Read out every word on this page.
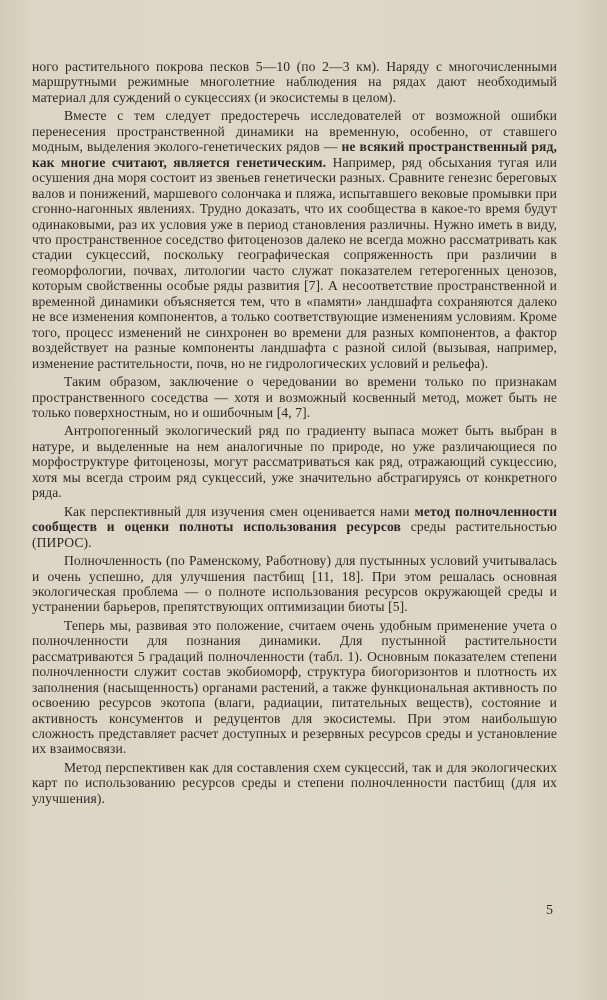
ного растительного покрова песков 5—10 (по 2—3 км). Наряду с многочисленными маршрутными режимные многолетние наблюдения на рядах дают необходимый материал для суждений о сукцессиях (и экосистемы в целом).

Вместе с тем следует предостеречь исследователей от возможной ошибки перенесения пространственной динамики на временную, особенно, от ставшего модным, выделения эколого-генетических рядов — не всякий пространственный ряд, как многие считают, является генетическим. Например, ряд обсыхания тугая или осушения дна моря состоит из звеньев генетически разных. Сравните генезис береговых валов и понижений, маршевого солончака и пляжа, испытавшего вековые промывки при сгонно-нагонных явлениях. Трудно доказать, что их сообщества в какое-то время будут одинаковыми, раз их условия уже в период становления различны. Нужно иметь в виду, что пространственное соседство фитоценозов далеко не всегда можно рассматривать как стадии сукцессий, поскольку географическая сопряженность при различии в геоморфологии, почвах, литологии часто служат показателем гетерогенных ценозов, которым свойственны особые ряды развития [7]. А несоответствие пространственной и временной динамики объясняется тем, что в «памяти» ландшафта сохраняются далеко не все изменения компонентов, а только соответствующие изменениям условиям. Кроме того, процесс изменений не синхронен во времени для разных компонентов, а фактор воздействует на разные компоненты ландшафта с разной силой (вызывая, например, изменение растительности, почв, но не гидрологических условий и рельефа).

Таким образом, заключение о чередовании во времени только по признакам пространственного соседства — хотя и возможный косвенный метод, может быть не только поверхностным, но и ошибочным [4, 7].

Антропогенный экологический ряд по градиенту выпаса может быть выбран в натуре, и выделенные на нем аналогичные по природе, но уже различающиеся по морфоструктуре фитоценозы, могут рассматриваться как ряд, отражающий сукцессию, хотя мы всегда строим ряд сукцессий, уже значительно абстрагируясь от конкретного ряда.

Как перспективный для изучения смен оценивается нами метод полночленности сообществ и оценки полноты использования ресурсов среды растительностью (ПИРОС).

Полночленность (по Раменскому, Работнову) для пустынных условий учитывалась и очень успешно, для улучшения пастбищ [11, 18]. При этом решалась основная экологическая проблема — о полноте использования ресурсов окружающей среды и устранении барьеров, препятствующих оптимизации биоты [5].

Теперь мы, развивая это положение, считаем очень удобным применение учета о полночленности для познания динамики. Для пустынной растительности рассматриваются 5 градаций полночленности (табл. 1). Основным показателем степени полночленности служит состав экобиоморф, структура биогоризонтов и плотность их заполнения (насыщенность) органами растений, а также функциональная активность по освоению ресурсов экотопа (влаги, радиации, питательных веществ), состояние и активность консументов и редуцентов для экосистемы. При этом наибольшую сложность представляет расчет доступных и резервных ресурсов среды и установление их взаимосвязи.

Метод перспективен как для составления схем сукцессий, так и для экологических карт по использованию ресурсов среды и степени полночленности пастбищ (для их улучшения).

5
